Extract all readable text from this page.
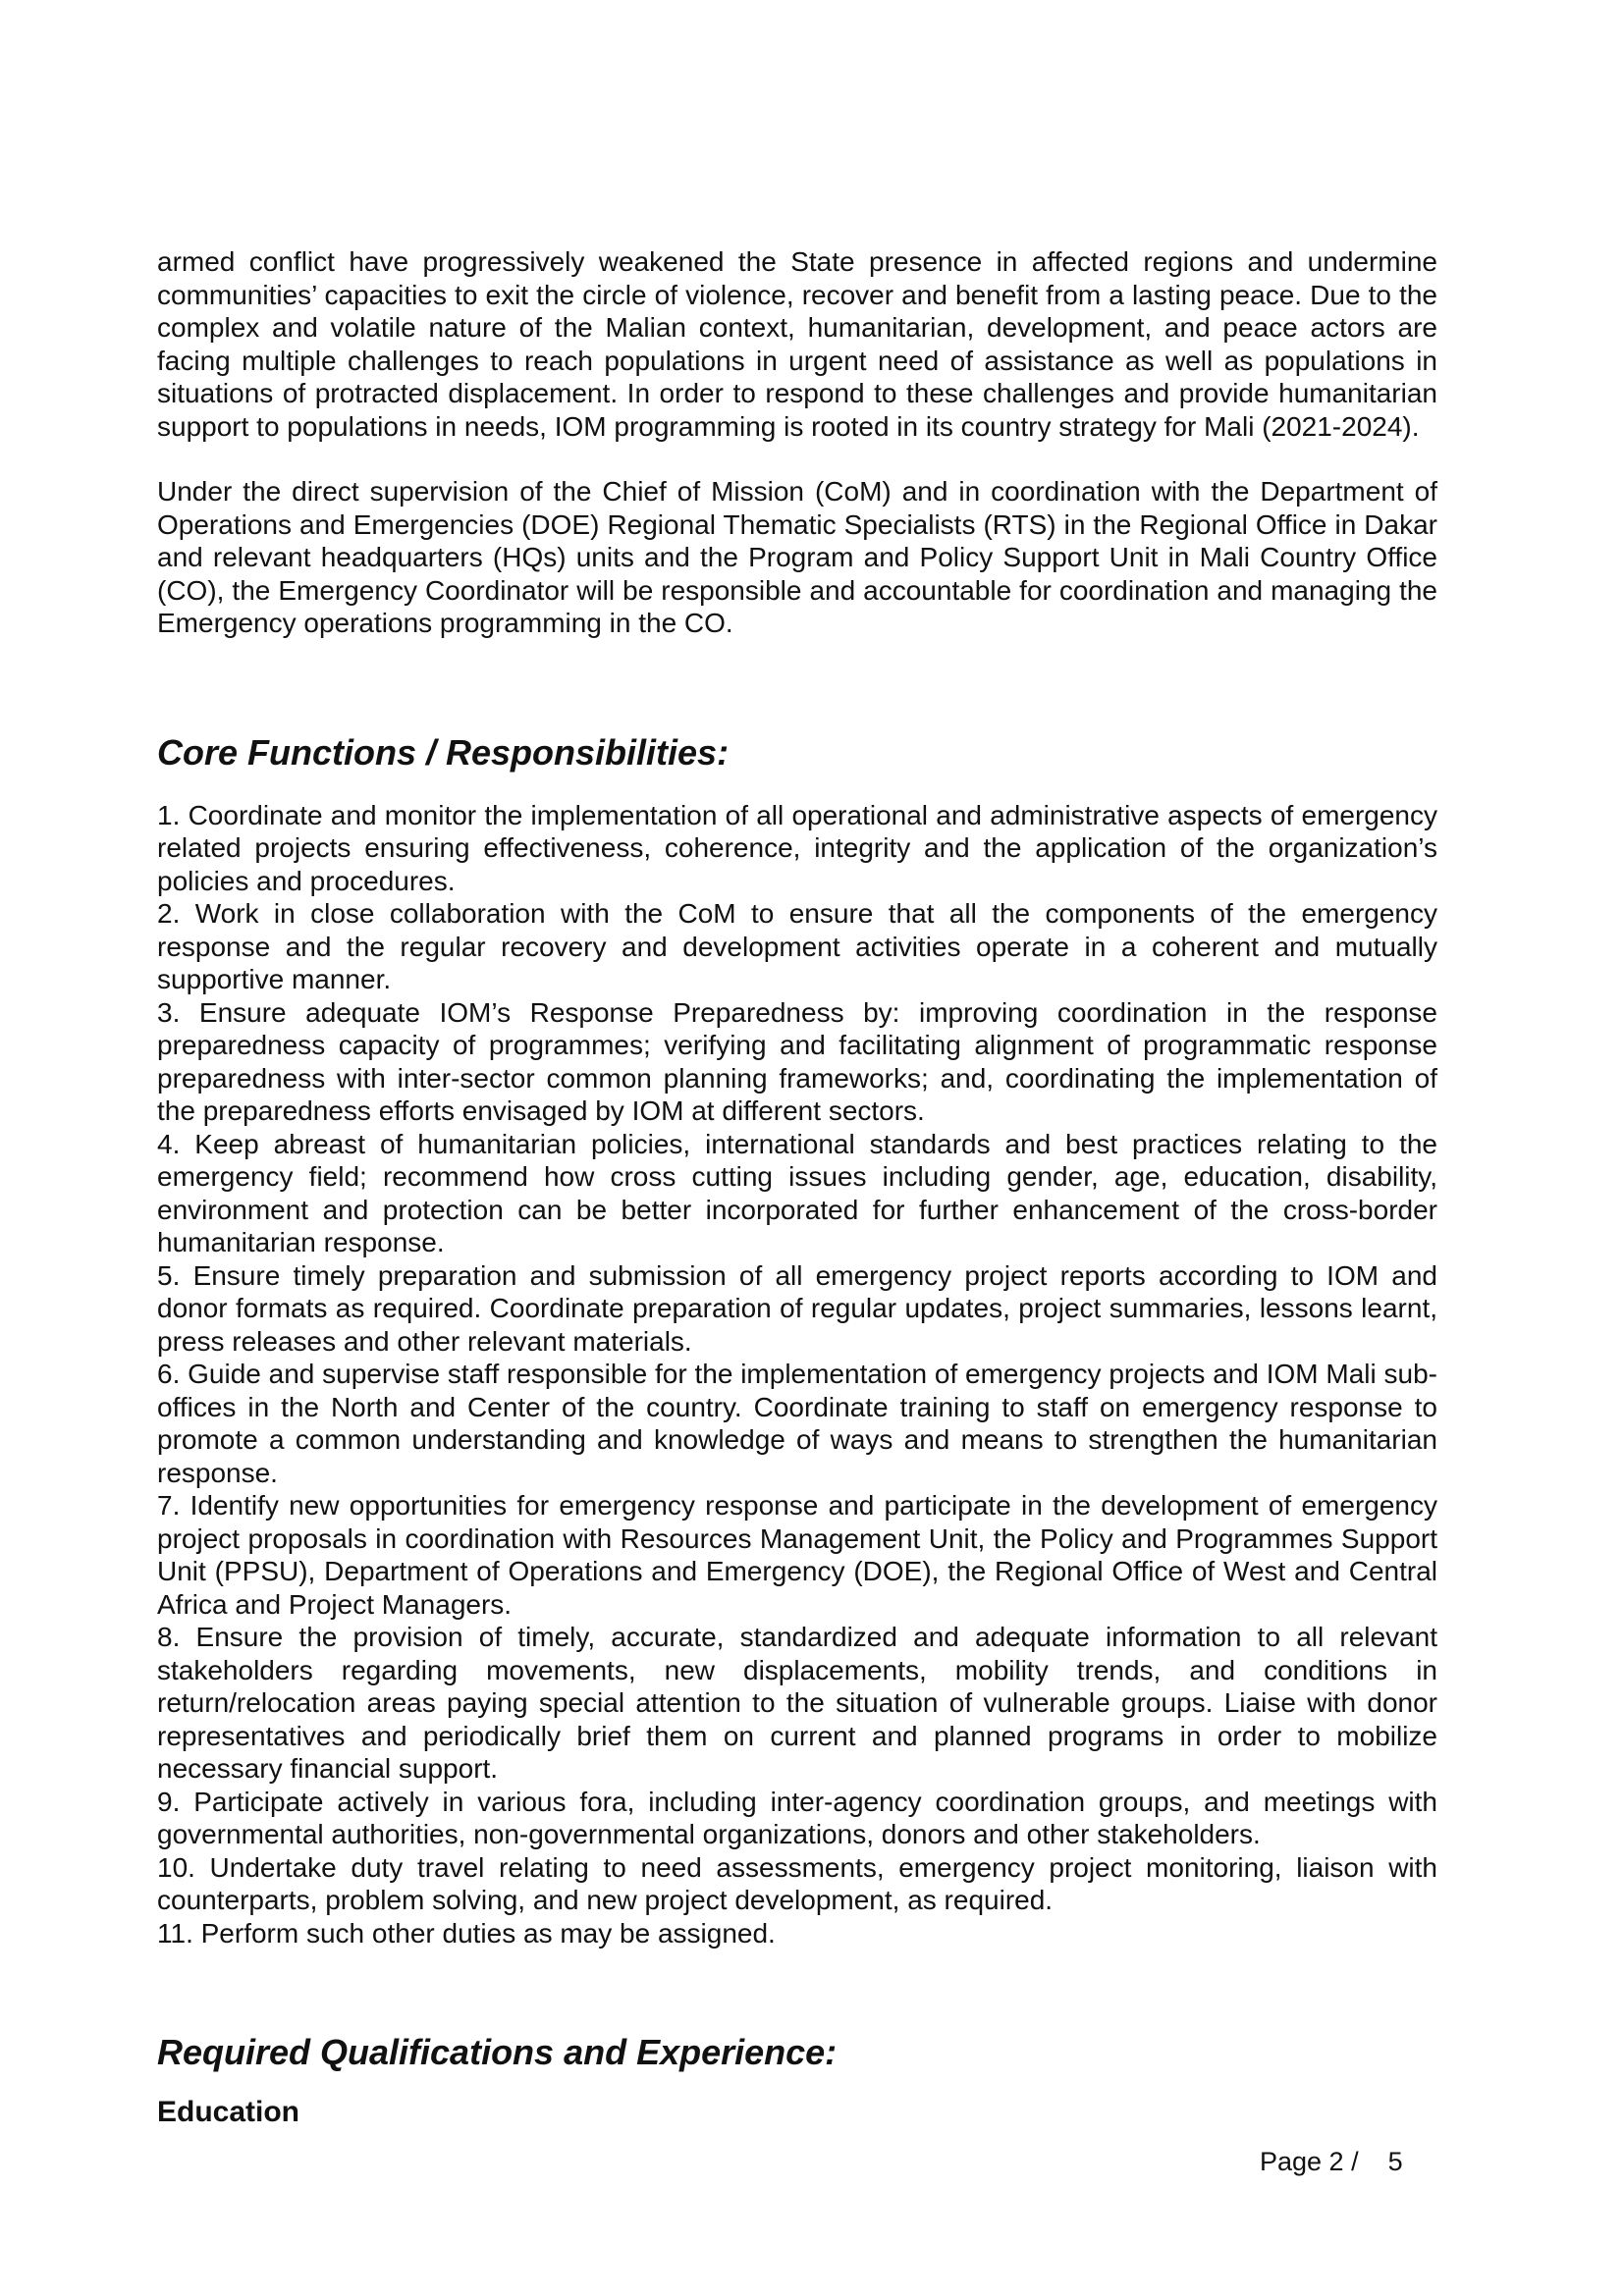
armed conflict have progressively weakened the State presence in affected regions and undermine communities’ capacities to exit the circle of violence, recover and benefit from a lasting peace. Due to the complex and volatile nature of the Malian context, humanitarian, development, and peace actors are facing multiple challenges to reach populations in urgent need of assistance as well as populations in situations of protracted displacement. In order to respond to these challenges and provide humanitarian support to populations in needs, IOM programming is rooted in its country strategy for Mali (2021-2024).

Under the direct supervision of the Chief of Mission (CoM) and in coordination with the Department of Operations and Emergencies (DOE) Regional Thematic Specialists (RTS) in the Regional Office in Dakar and relevant headquarters (HQs) units and the Program and Policy Support Unit in Mali Country Office (CO), the Emergency Coordinator will be responsible and accountable for coordination and managing the Emergency operations programming in the CO.

Core Functions / Responsibilities:

1. Coordinate and monitor the implementation of all operational and administrative aspects of emergency related projects ensuring effectiveness, coherence, integrity and the application of the organization’s policies and procedures.

2. Work in close collaboration with the CoM to ensure that all the components of the emergency response and the regular recovery and development activities operate in a coherent and mutually supportive manner.

3. Ensure adequate IOM’s Response Preparedness by: improving coordination in the response preparedness capacity of programmes; verifying and facilitating alignment of programmatic response preparedness with inter-sector common planning frameworks; and, coordinating the implementation of the preparedness efforts envisaged by IOM at different sectors.

4. Keep abreast of humanitarian policies, international standards and best practices relating to the emergency field; recommend how cross cutting issues including gender, age, education, disability, environment and protection can be better incorporated for further enhancement of the cross-border humanitarian response.

5. Ensure timely preparation and submission of all emergency project reports according to IOM and donor formats as required. Coordinate preparation of regular updates, project summaries, lessons learnt, press releases and other relevant materials.

6. Guide and supervise staff responsible for the implementation of emergency projects and IOM Mali sub-offices in the North and Center of the country. Coordinate training to staff on emergency response to promote a common understanding and knowledge of ways and means to strengthen the humanitarian response.

7. Identify new opportunities for emergency response and participate in the development of emergency project proposals in coordination with Resources Management Unit, the Policy and Programmes Support Unit (PPSU), Department of Operations and Emergency (DOE), the Regional Office of West and Central Africa and Project Managers.

8. Ensure the provision of timely, accurate, standardized and adequate information to all relevant stakeholders regarding movements, new displacements, mobility trends, and conditions in return/relocation areas paying special attention to the situation of vulnerable groups. Liaise with donor representatives and periodically brief them on current and planned programs in order to mobilize necessary financial support.

9. Participate actively in various fora, including inter-agency coordination groups, and meetings with governmental authorities, non-governmental organizations, donors and other stakeholders.

10. Undertake duty travel relating to need assessments, emergency project monitoring, liaison with counterparts, problem solving, and new project development, as required.

11. Perform such other duties as may be assigned.

Required Qualifications and Experience:
Education
Page 2 /    5
